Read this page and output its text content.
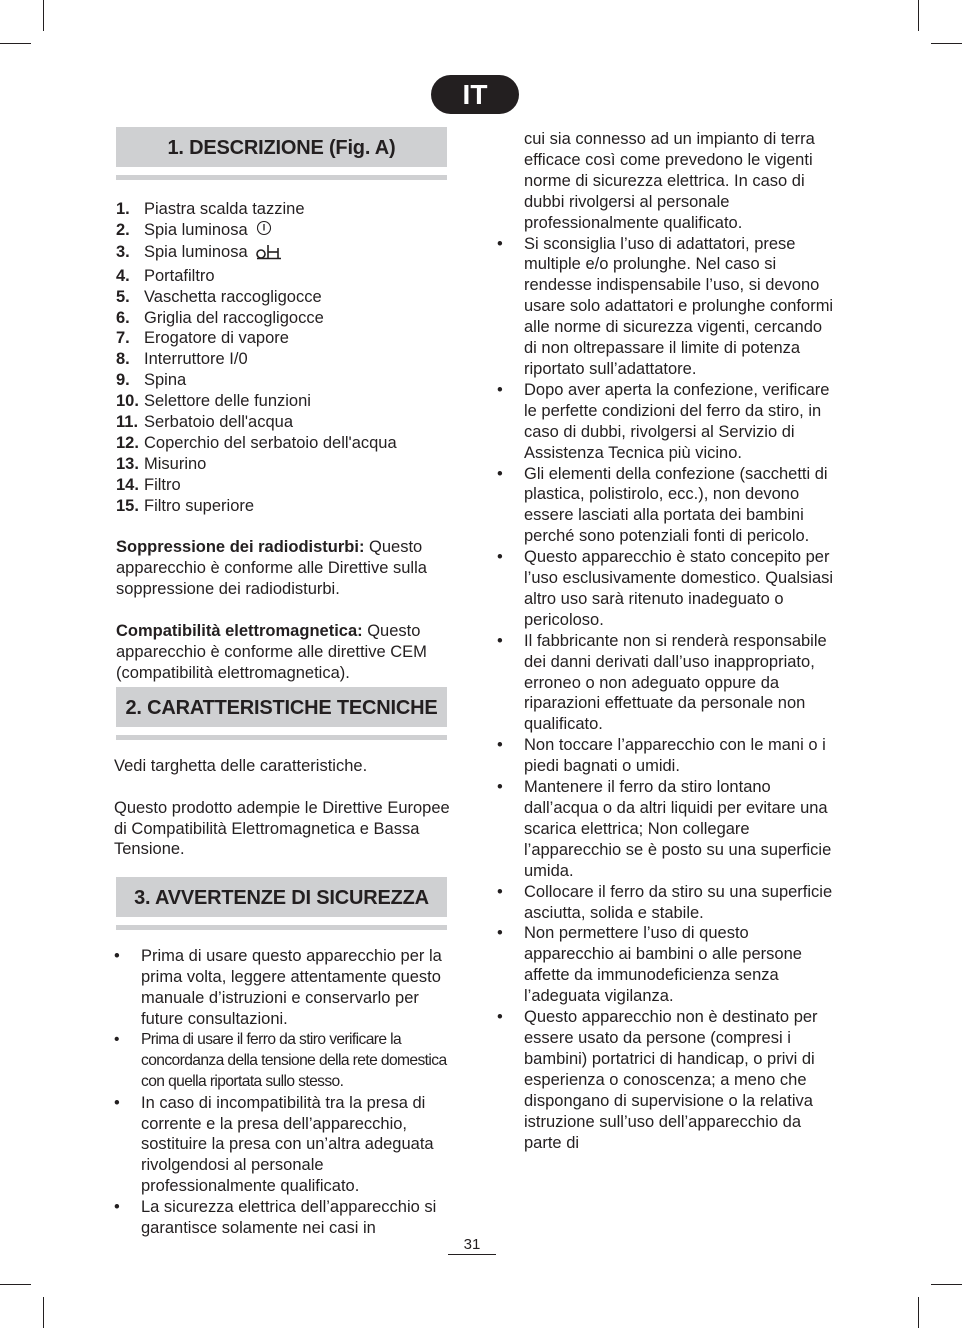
IT
1. DESCRIZIONE (Fig. A)
1. Piastra scalda tazzine
2. Spia luminosa
3. Spia luminosa
4. Portafiltro
5. Vaschetta raccogligocce
6. Griglia del raccogligocce
7. Erogatore di vapore
8. Interruttore I/0
9. Spina
10. Selettore delle funzioni
11. Serbatoio dell'acqua
12. Coperchio del serbatoio dell'acqua
13. Misurino
14. Filtro
15. Filtro superiore

Soppressione dei radiodisturbi: Questo apparecchio è conforme alle Direttive sulla soppressione dei radiodisturbi.

Compatibilità elettromagnetica: Questo apparecchio è conforme alle direttive CEM (compatibilità elettromagnetica).

2. CARATTERISTICHE TECNICHE

Vedi targhetta delle caratteristiche.

Questo prodotto adempie le Direttive Europee di Compatibilità Elettromagnetica e Bassa Tensione.

3. AVVERTENZE DI SICUREZZA
• Prima di usare questo apparecchio per la prima volta, leggere attentamente questo manuale d’istruzioni e conservarlo per future consultazioni.
• Prima di usare il ferro da stiro verificare la concordanza della tensione della rete domestica con quella riportata sullo stesso.
• In caso di incompatibilità tra la presa di corrente e la presa dell’apparecchio, sostituire la presa con un’altra adeguata rivolgendosi al personale professionalmente qualificato.
• La sicurezza elettrica dell’apparecchio si garantisce solamente nei casi in

cui sia connesso ad un impianto di terra efficace così come prevedono le vigenti norme di sicurezza elettrica. In caso di dubbi rivolgersi al personale professionalmente qualificato.

• Si sconsiglia l’uso di adattatori, prese multiple e/o prolunghe. Nel caso si rendesse indispensabile l’uso, si devono usare solo adattatori e prolunghe conformi alle norme di sicurezza vigenti, cercando di non oltrepassare il limite di potenza riportato sull’adattatore.
• Dopo aver aperta la confezione, verificare le perfette condizioni del ferro da stiro, in caso di dubbi, rivolgersi al Servizio di Assistenza Tecnica più vicino.
• Gli elementi della confezione (sacchetti di plastica, polistirolo, ecc.), non devono essere lasciati alla portata dei bambini perché sono potenziali fonti di pericolo.
• Questo apparecchio è stato concepito per l’uso esclusivamente domestico. Qualsiasi altro uso sarà ritenuto inadeguato o pericoloso.
• Il fabbricante non si renderà responsabile dei danni derivati dall’uso inappropriato, erroneo o non adeguato oppure da riparazioni effettuate da personale non qualificato.
• Non toccare l’apparecchio con le mani o i piedi bagnati o umidi.
• Mantenere il ferro da stiro lontano dall’acqua o da altri liquidi per evitare una scarica elettrica; Non collegare l’apparecchio se è posto su una superficie umida.
• Collocare il ferro da stiro su una superficie asciutta, solida e stabile.
• Non permettere l’uso di questo apparecchio ai bambini o alle persone affette da immunodeficienza senza l’adeguata vigilanza.
• Questo apparecchio non è destinato per essere usato da persone (compresi i bambini) portatrici di handicap, o privi di esperienza o conoscenza; a meno che dispongano di supervisione o la relativa istruzione sull’uso dell’apparecchio da parte di
31
